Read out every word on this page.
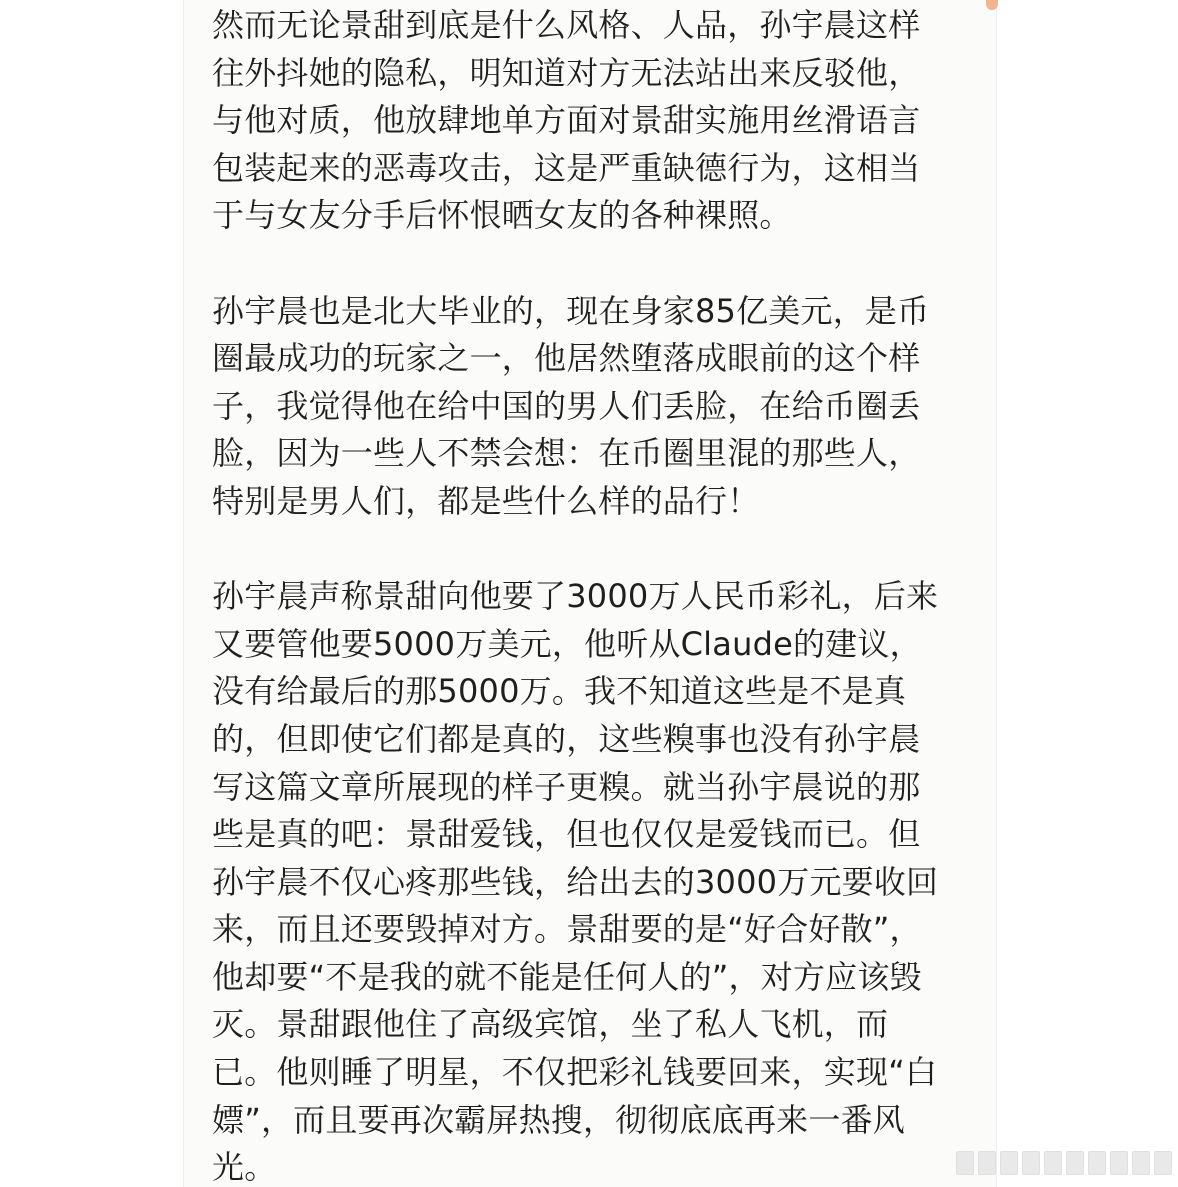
然而无论景甜到底是什么风格、人品，孙宇晨这样
往外抖她的隐私，明知道对方无法站出来反驳他，
与他对质，他放肆地单方面对景甜实施用丝滑语言
包装起来的恶毒攻击，这是严重缺德行为，这相当
于与女友分手后怀恨晒女友的各种裸照。
孙宇晨也是北大毕业的，现在身家85亿美元，是币
圈最成功的玩家之一，他居然堕落成眼前的这个样
子，我觉得他在给中国的男人们丢脸，在给币圈丢
脸，因为一些人不禁会想：在币圈里混的那些人，
特别是男人们，都是些什么样的品行！
孙宇晨声称景甜向他要了3000万人民币彩礼，后来
又要管他要5000万美元，他听从Claude的建议，
没有给最后的那5000万。我不知道这些是不是真
的，但即使它们都是真的，这些糗事也没有孙宇晨
写这篇文章所展现的样子更糗。就当孙宇晨说的那
些是真的吧：景甜爱钱，但也仅仅是爱钱而已。但
孙宇晨不仅心疼那些钱，给出去的3000万元要收回
来，而且还要毁掉对方。景甜要的是“好合好散”，
他却要“不是我的就不能是任何人的”，对方应该毁
灭。景甜跟他住了高级宾馆，坐了私人飞机，而
已。他则睡了明星，不仅把彩礼钱要回来，实现“白
嫖”，而且要再次霸屏热搜，彻彻底底再来一番风
光。
